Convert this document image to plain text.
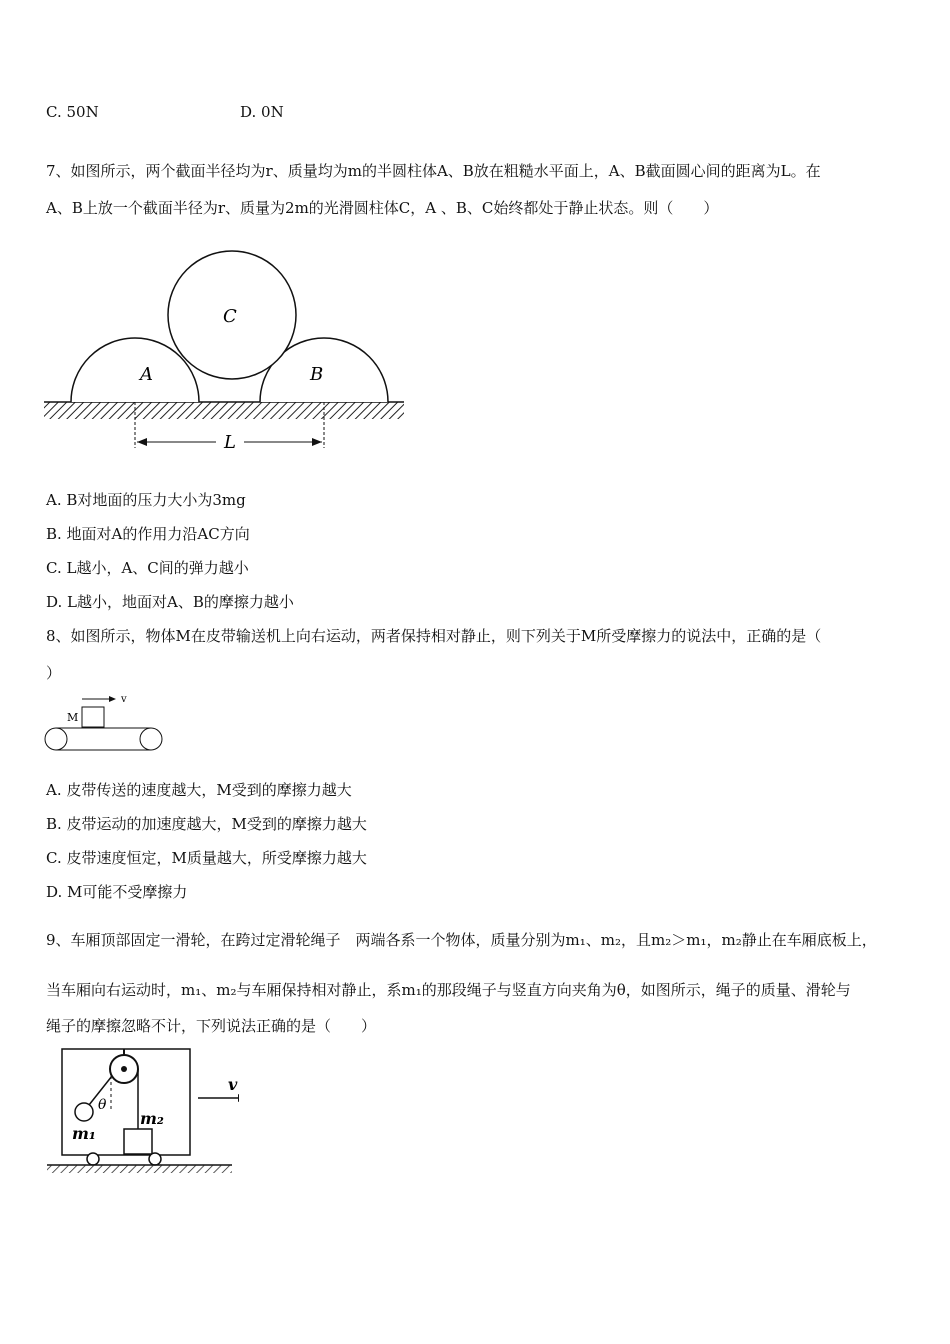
C. 50N	D. 0N
7、如图所示，两个截面半径均为r、质量均为m的半圆柱体A、B放在粗糙水平面上，A、B截面圆心间的距离为L。在
A、B上放一个截面半径为r、质量为2m的光滑圆柱体C，A 、B、C始终都处于静止状态。则（　　）
A	B
C
L
A. B对地面的压力大小为3mg
B. 地面对A的作用力沿AC方向
C. L越小，A、C间的弹力越小
D. L越小，地面对A、B的摩擦力越小
8、如图所示，物体M在皮带输送机上向右运动，两者保持相对静止，则下列关于M所受摩擦力的说法中，正确的是（
）
v
M
A. 皮带传送的速度越大，M受到的摩擦力越大
B. 皮带运动的加速度越大，M受到的摩擦力越大
C. 皮带速度恒定，M质量越大，所受摩擦力越大
D. M可能不受摩擦力
9、车厢顶部固定一滑轮，在跨过定滑轮绳子　两端各系一个物体，质量分别为m₁、m₂，且m₂＞m₁，m₂静止在车厢底板上，
当车厢向右运动时，m₁、m₂与车厢保持相对静止，系m₁的那段绳子与竖直方向夹角为θ，如图所示，绳子的质量、滑轮与
绳子的摩擦忽略不计，下列说法正确的是（　　）
θ
m₁
m₂
v
